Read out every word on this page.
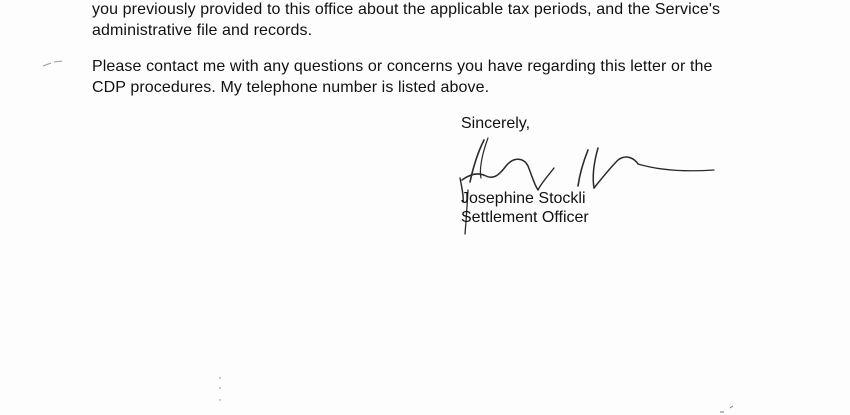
you previously provided to this office about the applicable tax periods, and the Service's
administrative file and records.

Please contact me with any questions or concerns you have regarding this letter or the
CDP procedures. My telephone number is listed above.

Sincerely,
Josephine Stockli
Settlement Officer
